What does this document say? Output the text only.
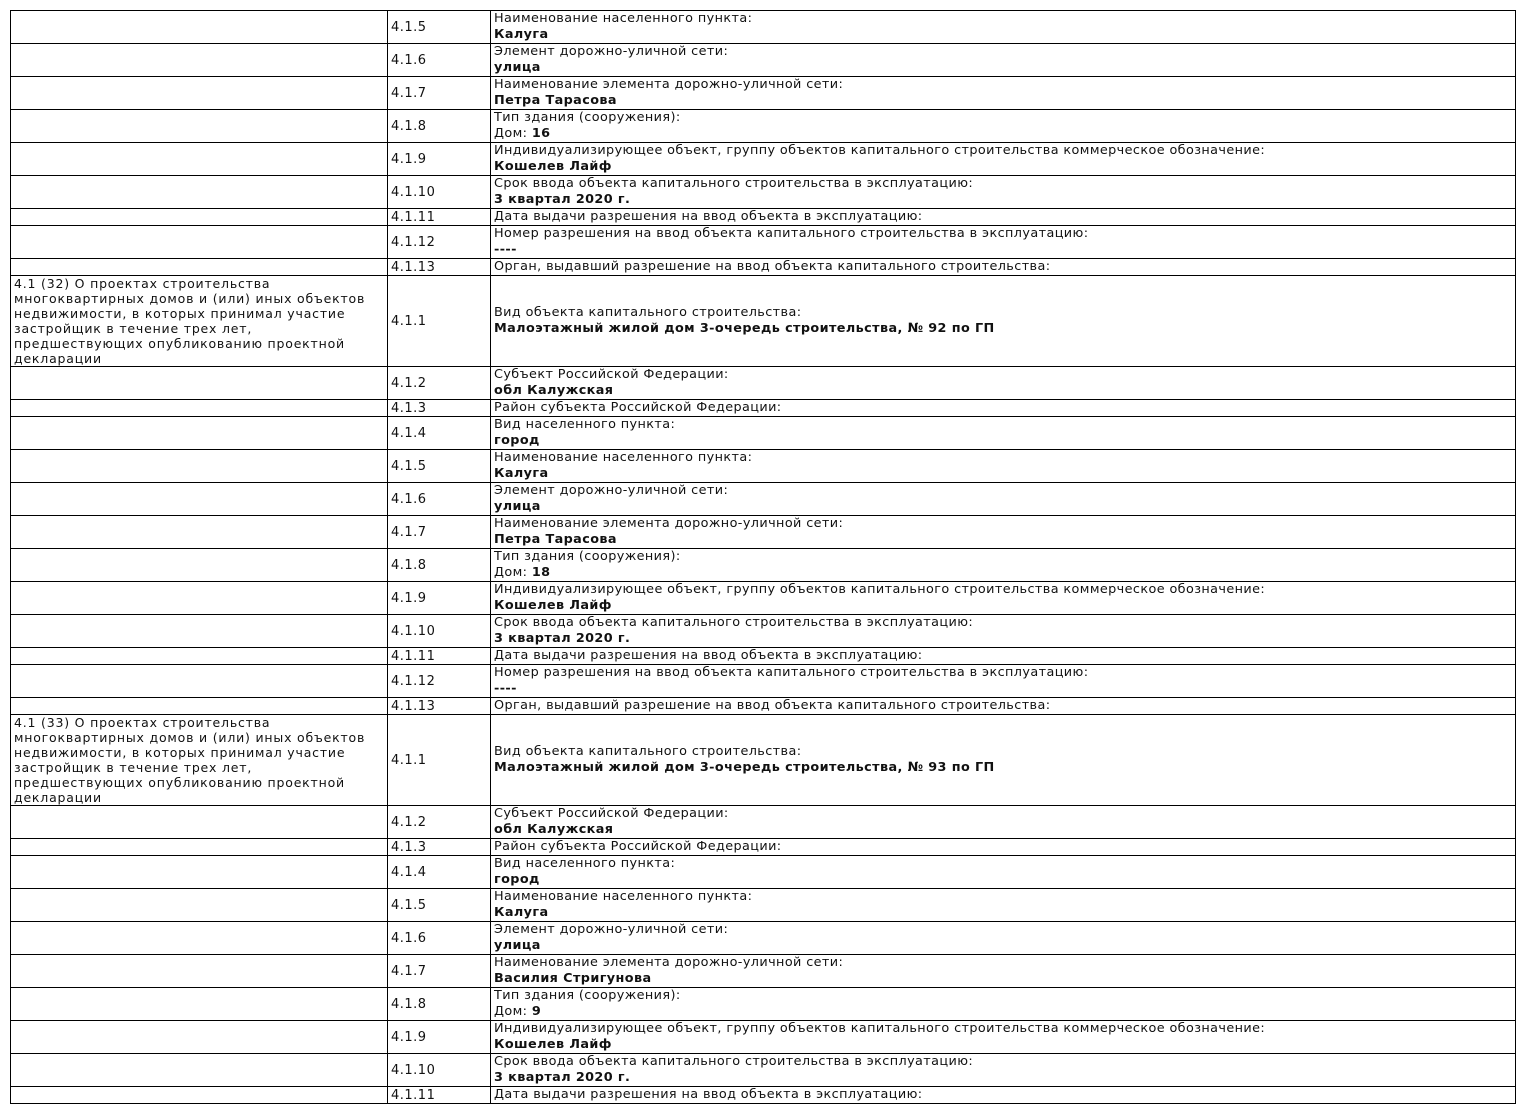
	4.1.5	Наименование населенного пункта:
Калуга

	4.1.6	Элемент дорожно-уличной сети:
улица

	4.1.7	Наименование элемента дорожно-уличной сети:
Петра Тарасова

	4.1.8	Тип здания (сооружения):
Дом: 16

	4.1.9	Индивидуализирующее объект, группу объектов капитального строительства коммерческое обозначение:
Кошелев Лайф

	4.1.10	Срок ввода объекта капитального строительства в эксплуатацию:
3 квартал 2020 г.

	4.1.11	Дата выдачи разрешения на ввод объекта в эксплуатацию:

	4.1.12	Номер разрешения на ввод объекта капитального строительства в эксплуатацию:
----

	4.1.13	Орган, выдавший разрешение на ввод объекта капитального строительства:

4.1 (32) О проектах строительства многоквартирных домов и (или) иных объектов недвижимости, в которых принимал участие застройщик в течение трех лет, предшествующих опубликованию проектной декларации	4.1.1	Вид объекта капитального строительства:
Малоэтажный жилой дом 3-очередь строительства, № 92 по ГП

	4.1.2	Субъект Российской Федерации:
обл Калужская

	4.1.3	Район субъекта Российской Федерации:

	4.1.4	Вид населенного пункта:
город

	4.1.5	Наименование населенного пункта:
Калуга

	4.1.6	Элемент дорожно-уличной сети:
улица

	4.1.7	Наименование элемента дорожно-уличной сети:
Петра Тарасова

	4.1.8	Тип здания (сооружения):
Дом: 18

	4.1.9	Индивидуализирующее объект, группу объектов капитального строительства коммерческое обозначение:
Кошелев Лайф

	4.1.10	Срок ввода объекта капитального строительства в эксплуатацию:
3 квартал 2020 г.

	4.1.11	Дата выдачи разрешения на ввод объекта в эксплуатацию:

	4.1.12	Номер разрешения на ввод объекта капитального строительства в эксплуатацию:
----

	4.1.13	Орган, выдавший разрешение на ввод объекта капитального строительства:

4.1 (33) О проектах строительства многоквартирных домов и (или) иных объектов недвижимости, в которых принимал участие застройщик в течение трех лет, предшествующих опубликованию проектной декларации	4.1.1	Вид объекта капитального строительства:
Малоэтажный жилой дом 3-очередь строительства, № 93 по ГП

	4.1.2	Субъект Российской Федерации:
обл Калужская

	4.1.3	Район субъекта Российской Федерации:

	4.1.4	Вид населенного пункта:
город

	4.1.5	Наименование населенного пункта:
Калуга

	4.1.6	Элемент дорожно-уличной сети:
улица

	4.1.7	Наименование элемента дорожно-уличной сети:
Василия Стригунова

	4.1.8	Тип здания (сооружения):
Дом: 9

	4.1.9	Индивидуализирующее объект, группу объектов капитального строительства коммерческое обозначение:
Кошелев Лайф

	4.1.10	Срок ввода объекта капитального строительства в эксплуатацию:
3 квартал 2020 г.

	4.1.11	Дата выдачи разрешения на ввод объекта в эксплуатацию:
